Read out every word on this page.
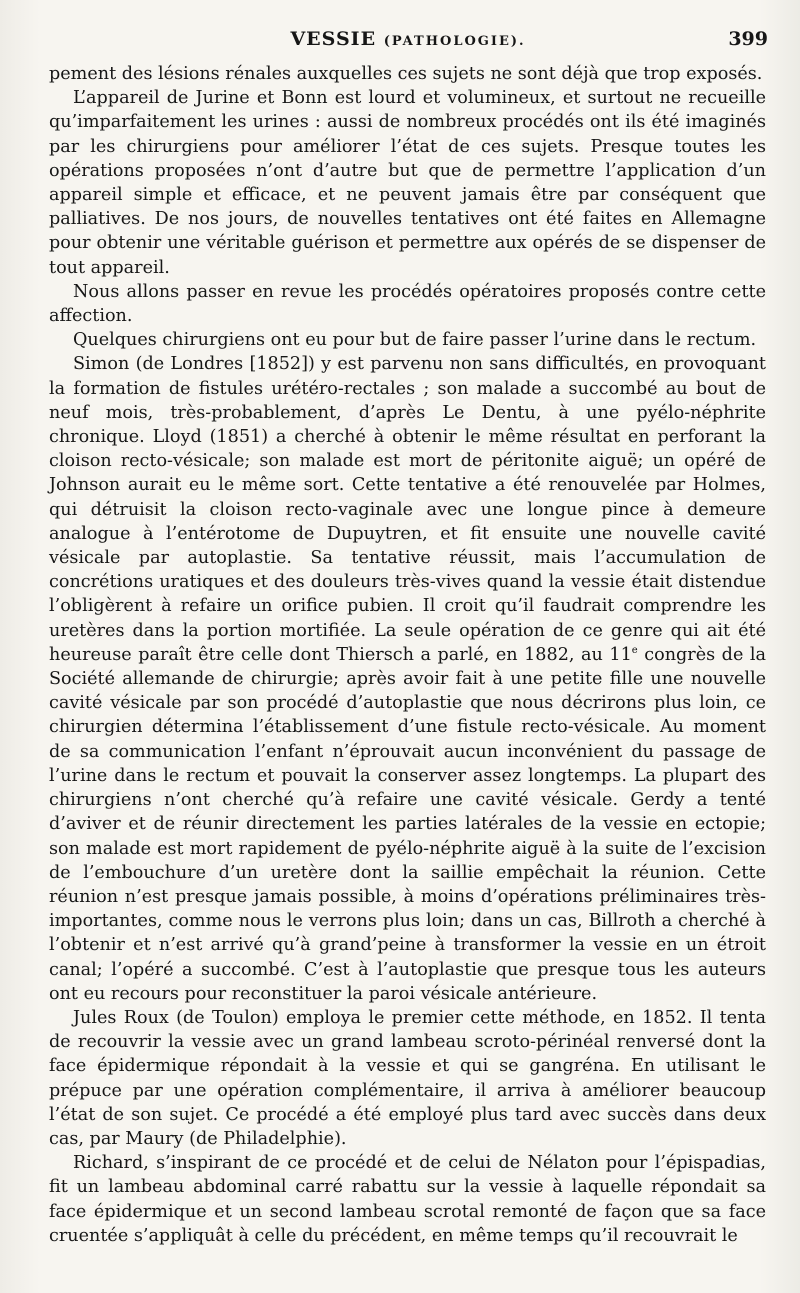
VESSIE (PATHOLOGIE).	399

pement des lésions rénales auxquelles ces sujets ne sont déjà que trop exposés.

L’appareil de Jurine et Bonn est lourd et volumineux, et surtout ne recueille qu’imparfaitement les urines : aussi de nombreux procédés ont ils été imaginés par les chirurgiens pour améliorer l’état de ces sujets. Presque toutes les opérations proposées n’ont d’autre but que de permettre l’application d’un appareil simple et efficace, et ne peuvent jamais être par conséquent que palliatives. De nos jours, de nouvelles tentatives ont été faites en Allemagne pour obtenir une véritable guérison et permettre aux opérés de se dispenser de tout appareil.

Nous allons passer en revue les procédés opératoires proposés contre cette affection.

Quelques chirurgiens ont eu pour but de faire passer l’urine dans le rectum.

Simon (de Londres [1852]) y est parvenu non sans difficultés, en provoquant la formation de fistules urétéro-rectales ; son malade a succombé au bout de neuf mois, très-probablement, d’après Le Dentu, à une pyélo-néphrite chronique. Lloyd (1851) a cherché à obtenir le même résultat en perforant la cloison recto-vésicale; son malade est mort de péritonite aiguë; un opéré de Johnson aurait eu le même sort. Cette tentative a été renouvelée par Holmes, qui détruisit la cloison recto-vaginale avec une longue pince à demeure analogue à l’entérotome de Dupuytren, et fit ensuite une nouvelle cavité vésicale par autoplastie. Sa tentative réussit, mais l’accumulation de concrétions uratiques et des douleurs très-vives quand la vessie était distendue l’obligèrent à refaire un orifice pubien. Il croit qu’il faudrait comprendre les uretères dans la portion mortifiée. La seule opération de ce genre qui ait été heureuse paraît être celle dont Thiersch a parlé, en 1882, au 11e congrès de la Société allemande de chirurgie; après avoir fait à une petite fille une nouvelle cavité vésicale par son procédé d’autoplastie que nous décrirons plus loin, ce chirurgien détermina l’établissement d’une fistule recto-vésicale. Au moment de sa communication l’enfant n’éprouvait aucun inconvénient du passage de l’urine dans le rectum et pouvait la conserver assez longtemps. La plupart des chirurgiens n’ont cherché qu’à refaire une cavité vésicale. Gerdy a tenté d’aviver et de réunir directement les parties latérales de la vessie en ectopie; son malade est mort rapidement de pyélo-néphrite aiguë à la suite de l’excision de l’embouchure d’un uretère dont la saillie empêchait la réunion. Cette réunion n’est presque jamais possible, à moins d’opérations préliminaires très-importantes, comme nous le verrons plus loin; dans un cas, Billroth a cherché à l’obtenir et n’est arrivé qu’à grand’peine à transformer la vessie en un étroit canal; l’opéré a succombé. C’est à l’autoplastie que presque tous les auteurs ont eu recours pour reconstituer la paroi vésicale antérieure.

Jules Roux (de Toulon) employa le premier cette méthode, en 1852. Il tenta de recouvrir la vessie avec un grand lambeau scroto-périnéal renversé dont la face épidermique répondait à la vessie et qui se gangréna. En utilisant le prépuce par une opération complémentaire, il arriva à améliorer beaucoup l’état de son sujet. Ce procédé a été employé plus tard avec succès dans deux cas, par Maury (de Philadelphie).

Richard, s’inspirant de ce procédé et de celui de Nélaton pour l’épispadias, fit un lambeau abdominal carré rabattu sur la vessie à laquelle répondait sa face épidermique et un second lambeau scrotal remonté de façon que sa face cruentée s’appliquât à celle du précédent, en même temps qu’il recouvrait le
